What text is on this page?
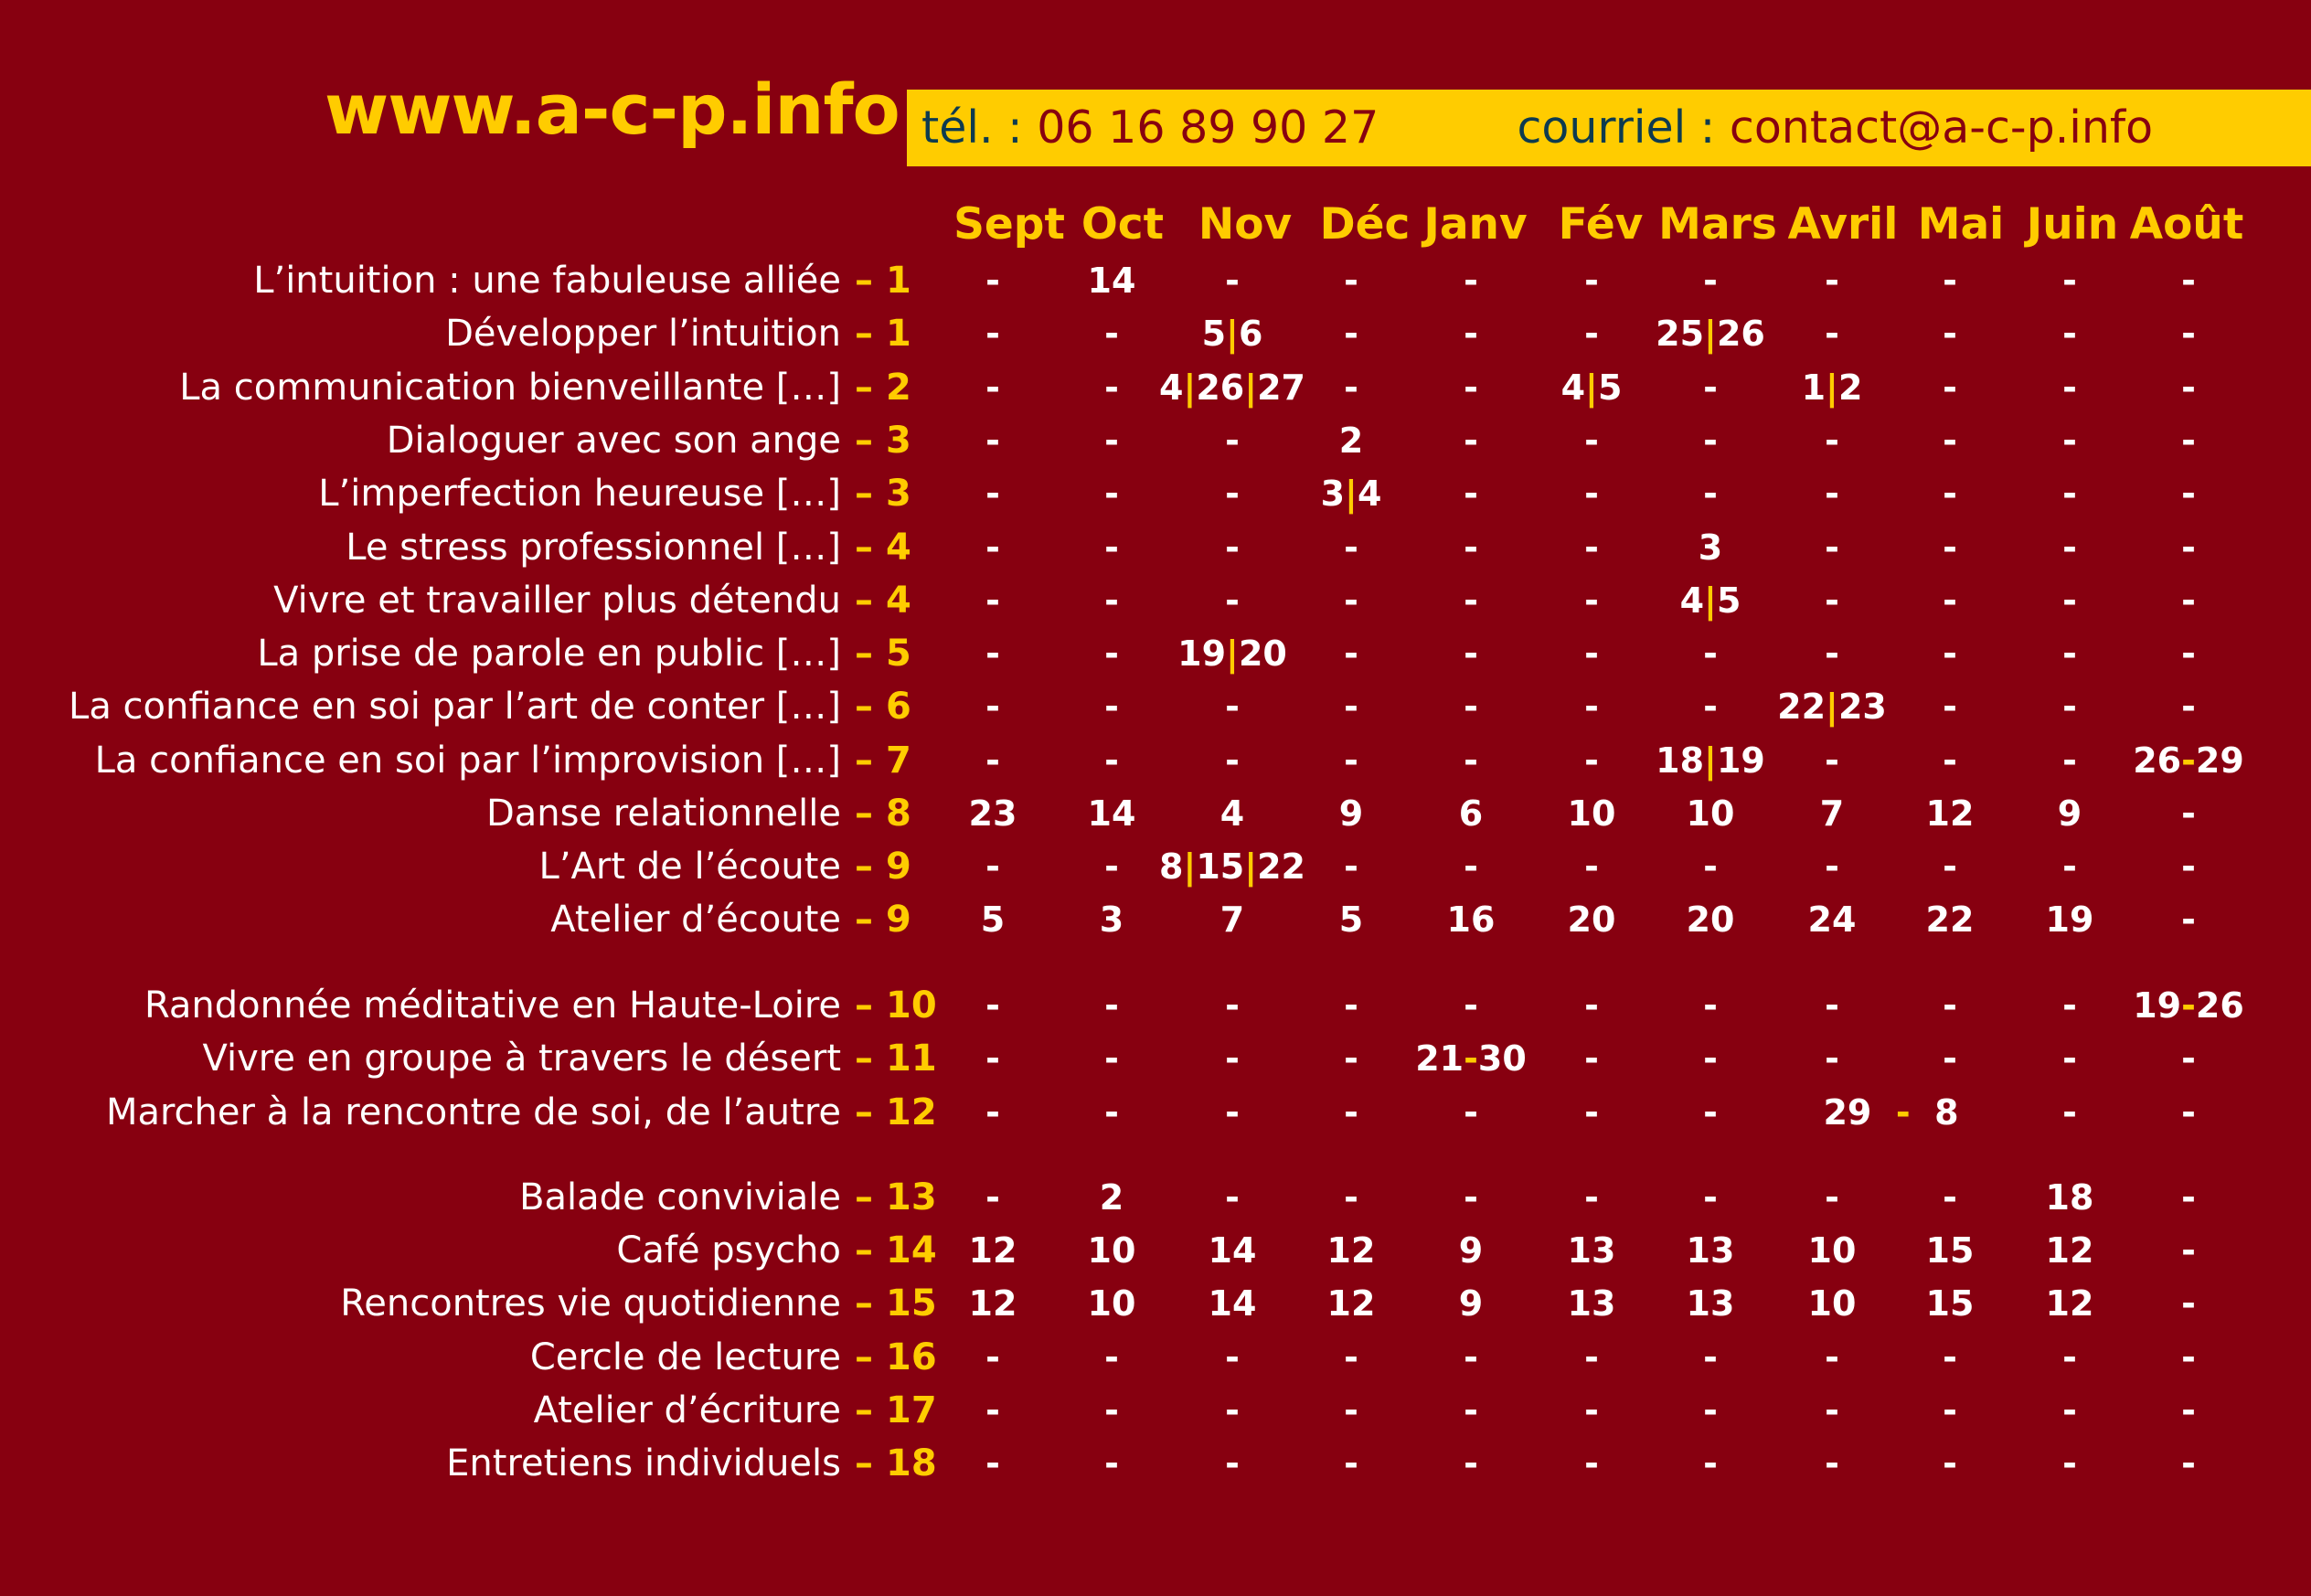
www.a-c-p.info tél. : 06 16 89 90 27	courriel : contact@a-c-p.info
Sept Oct Nov Déc Janv Fév Mars Avril Mai Juin Août
L’intuition : une fabuleuse alliée – 1 -	14	-	-	-	-	-	-	-	-	-
Développer l’intuition – 1 -	- 5|6 -	-	- 25|26 -	-	-	-
La communication bienveillante […] – 2 -	- 4|26|27 -	- 4|5 - 1|2 -	-	-
Dialoguer avec son ange – 3 -	-	-	2	-	-	-	-	-	-	-
L’imperfection heureuse […] – 3 -	-	- 3|4 -	-	-	-	-	-	-
Le stress professionnel […] – 4 -	-	-	-	-	-	3	-	-	-	-
Vivre et travailler plus détendu – 4 -	-	-	-	-	- 4|5 -	-	-	-
La prise de parole en public […] – 5 -	- 19|20 -	-	-	-	-	-	-	-
La confiance en soi par l’art de conter […] – 6 -	-	-	-	-	-	- 22|23 -	-	-
La confiance en soi par l’improvision […] – 7 -	-	-	-	-	- 18|19 -	-	- 26-29
Danse relationnelle – 8 23 14 4	9	6 10 10 7 12 9	-
L’Art de l’écoute – 9 -	- 8|15|22 -	-	-	-	-	-	-	-
Atelier d’écoute – 9 5	3	7	5 16 20 20 24 22 19	-
Randonnée méditative en Haute-Loire – 10 -	-	-	-	-	-	-	-	-	- 19-26
Vivre en groupe à travers le désert – 11 -	-	-	- 21-30 -	-	-	-	-	-
Marcher à la rencontre de soi, de l’autre – 12 -	-	-	-	-	-	-	29  -  8	-	-
Balade conviviale – 13 -	2	-	-	-	-	-	-	-	18	-
Café psycho – 14 12 10 14 12 9 13 13 10 15 12	-
Rencontres vie quotidienne – 15 12 10 14 12 9 13 13 10 15 12	-
Cercle de lecture – 16 -	-	-	-	-	-	-	-	-	-	-
Atelier d’écriture – 17 -	-	-	-	-	-	-	-	-	-	-
Entretiens individuels – 18 -	-	-	-	-	-	-	-	-	-	-
